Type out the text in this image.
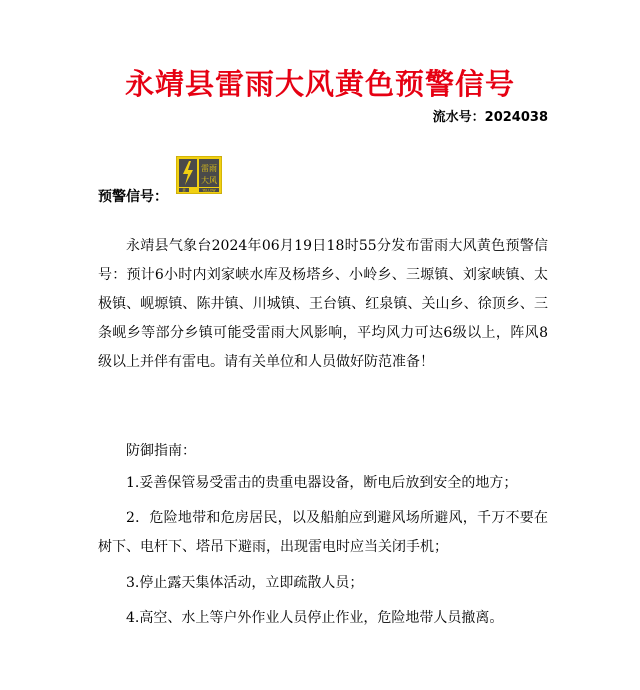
永靖县雷雨大风黄色预警信号
流水号：2024038
预警信号：	黄
雷雨
大风
YELLOW
永靖县气象台2024年06月19日18时55分发布雷雨大风黄色预警信号：预计6小时内刘家峡水库及杨塔乡、小岭乡、三塬镇、刘家峡镇、太极镇、岘塬镇、陈井镇、川城镇、王台镇、红泉镇、关山乡、徐顶乡、三条岘乡等部分乡镇可能受雷雨大风影响，平均风力可达6级以上，阵风8级以上并伴有雷电。请有关单位和人员做好防范准备！
防御指南：
1.妥善保管易受雷击的贵重电器设备，断电后放到安全的地方；
2．危险地带和危房居民，以及船舶应到避风场所避风，千万不要在树下、电杆下、塔吊下避雨，出现雷电时应当关闭手机；
3.停止露天集体活动，立即疏散人员；
4.高空、水上等户外作业人员停止作业，危险地带人员撤离。
